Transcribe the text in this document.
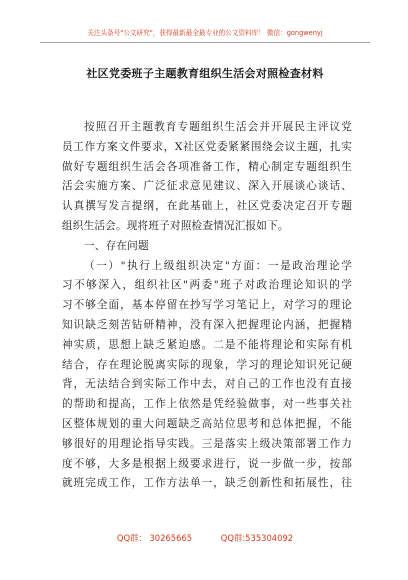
关注头条号"公文研究"，获得最新最全最专业的公文资料库！ 微信：gongwenyj
社区党委班子主题教育组织生活会对照检查材料
按照召开主题教育专题组织生活会并开展民主评议党
员工作方案文件要求，X社区党委紧紧围绕会议主题，扎实
做好专题组织生活会各项准备工作，精心制定专题组织生
活会实施方案、广泛征求意见建议、深入开展谈心谈话、
认真撰写发言提纲，在此基础上，社区党委决定召开专题
组织生活会。现将班子对照检查情况汇报如下。
一、存在问题
（一）"执行上级组织决定"方面：一是政治理论学
习不够深入，组织社区"两委"班子对政治理论知识的学
习不够全面，基本停留在抄写学习笔记上，对学习的理论
知识缺乏刻苦钻研精神，没有深入把握理论内涵，把握精
神实质，思想上缺乏紧迫感。二是不能将理论和实际有机
结合，存在理论脱离实际的现象，学习的理论知识死记硬
背，无法结合到实际工作中去，对自己的工作也没有直接
的帮助和提高，工作上依然是凭经验做事，对一些事关社
区整体规划的重大问题缺乏高站位思考和总体把握，不能
够很好的用理论指导实践。三是落实上级决策部署工作力
度不够，大多是根据上级要求进行，说一步做一步，按部
就班完成工作，工作方法单一，缺乏创新性和拓展性，往
QQ群： 30265665	QQ群:535304092
